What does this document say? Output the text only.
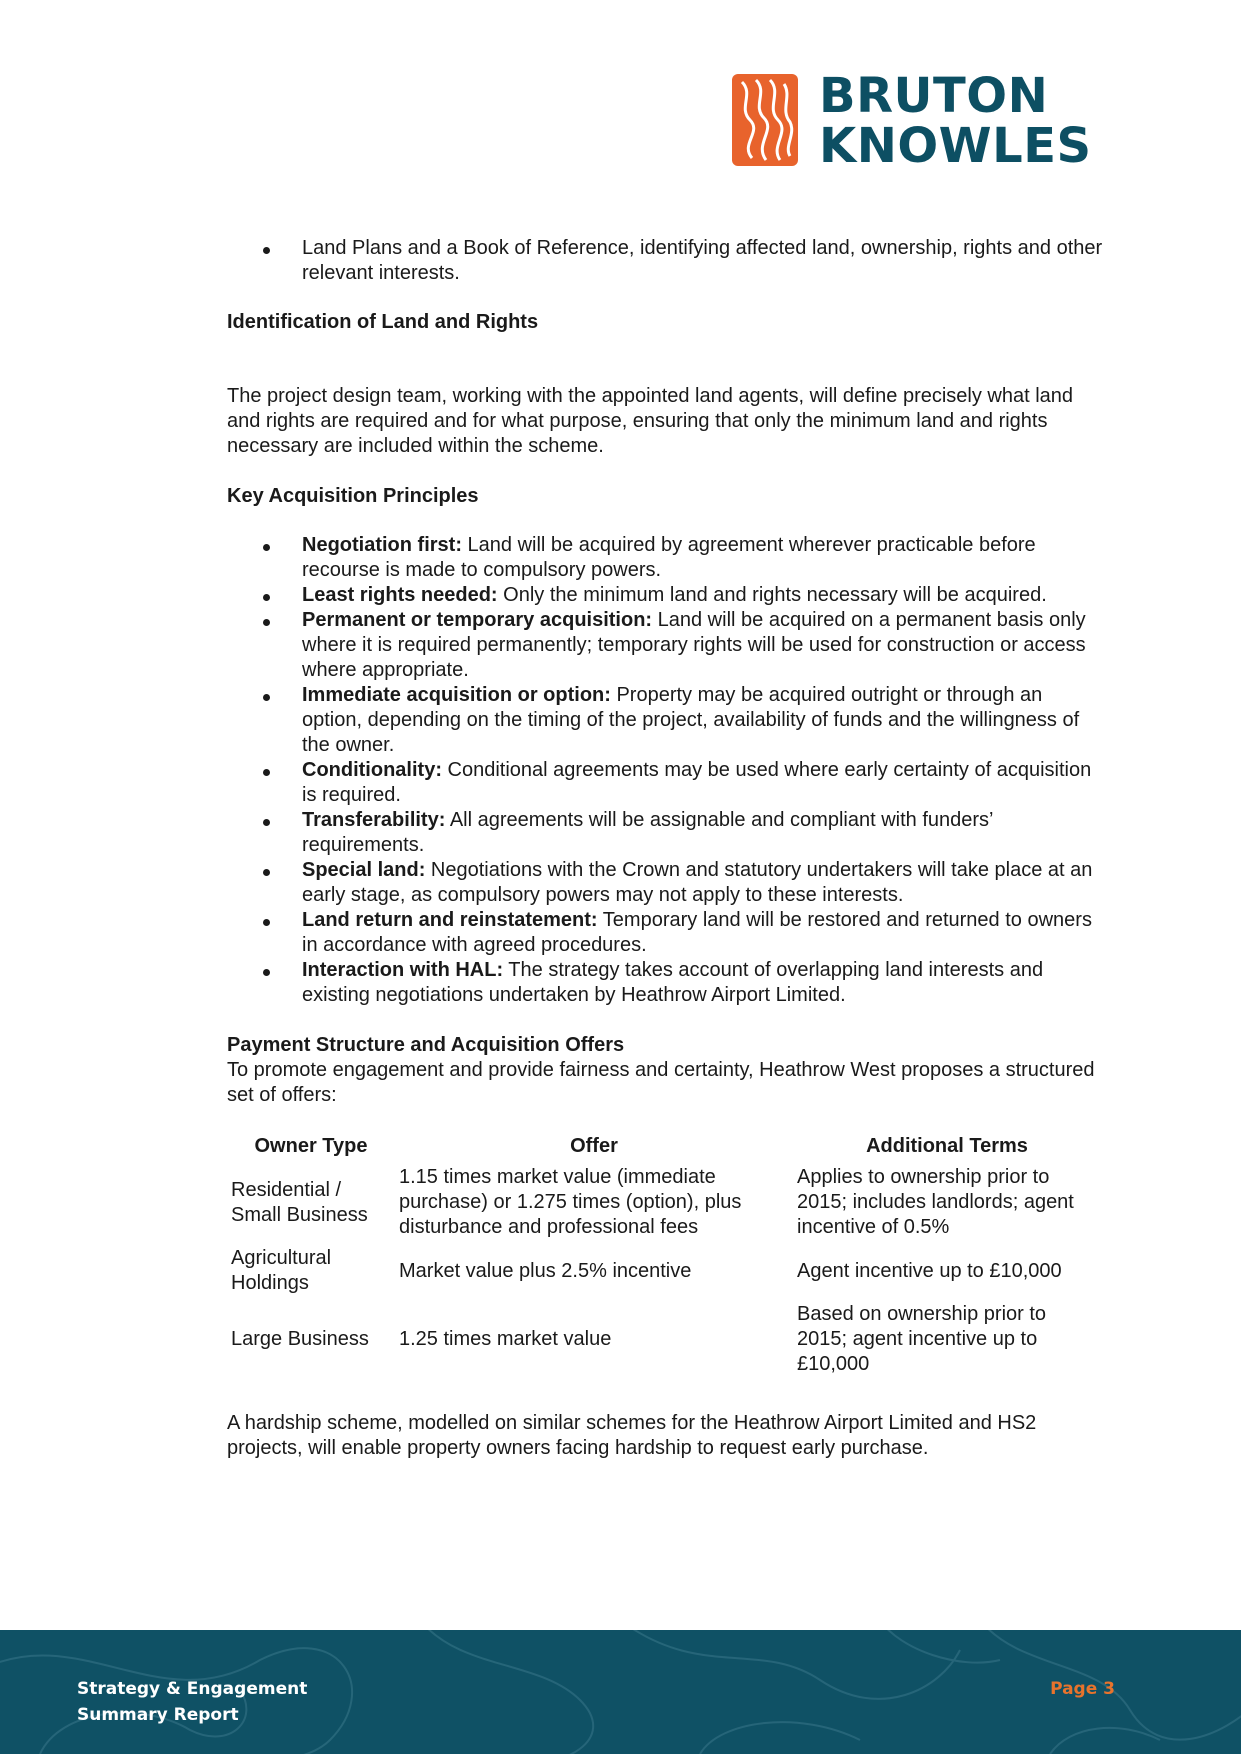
BRUTON
KNOWLES
Land Plans and a Book of Reference, identifying affected land, ownership, rights and other relevant interests.

Identification of Land and Rights

The project design team, working with the appointed land agents, will define precisely what land and rights are required and for what purpose, ensuring that only the minimum land and rights necessary are included within the scheme.

Key Acquisition Principles

Negotiation first: Land will be acquired by agreement wherever practicable before recourse is made to compulsory powers.
Least rights needed: Only the minimum land and rights necessary will be acquired.
Permanent or temporary acquisition: Land will be acquired on a permanent basis only where it is required permanently; temporary rights will be used for construction or access where appropriate.
Immediate acquisition or option: Property may be acquired outright or through an option, depending on the timing of the project, availability of funds and the willingness of the owner.
Conditionality: Conditional agreements may be used where early certainty of acquisition is required.
Transferability: All agreements will be assignable and compliant with funders’ requirements.
Special land: Negotiations with the Crown and statutory undertakers will take place at an early stage, as compulsory powers may not apply to these interests.
Land return and reinstatement: Temporary land will be restored and returned to owners in accordance with agreed procedures.
Interaction with HAL: The strategy takes account of overlapping land interests and existing negotiations undertaken by Heathrow Airport Limited.

Payment Structure and Acquisition Offers

To promote engagement and provide fairness and certainty, Heathrow West proposes a structured set of offers:

Owner Type	Offer	Additional Terms
Residential / Small Business	1.15 times market value (immediate purchase) or 1.275 times (option), plus disturbance and professional fees	Applies to ownership prior to 2015; includes landlords; agent incentive of 0.5%
Agricultural Holdings	Market value plus 2.5% incentive	Agent incentive up to £10,000
Large Business	1.25 times market value	Based on ownership prior to 2015; agent incentive up to £10,000

A hardship scheme, modelled on similar schemes for the Heathrow Airport Limited and HS2 projects, will enable property owners facing hardship to request early purchase.

Strategy & Engagement
Summary Report
Page 3
